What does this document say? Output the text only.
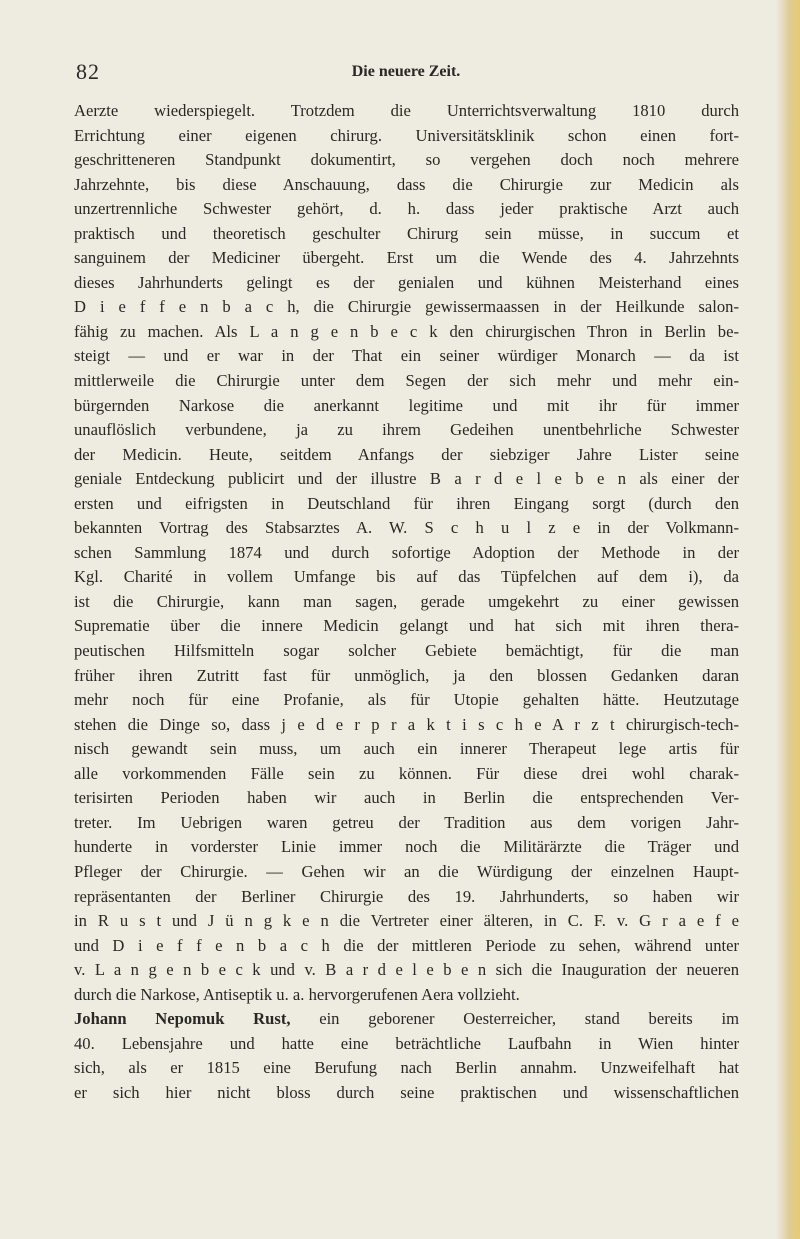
82	Die neuere Zeit.
Aerzte wiederspiegelt. Trotzdem die Unterrichtsverwaltung 1810 durch
Errichtung einer eigenen chirurg. Universitätsklinik schon einen fort-
geschritteneren Standpunkt dokumentirt, so vergehen doch noch mehrere
Jahrzehnte, bis diese Anschauung, dass die Chirurgie zur Medicin als
unzertrennliche Schwester gehört, d. h. dass jeder praktische Arzt auch
praktisch und theoretisch geschulter Chirurg sein müsse, in succum et
sanguinem der Mediciner übergeht. Erst um die Wende des 4. Jahrzehnts
dieses Jahrhunderts gelingt es der genialen und kühnen Meisterhand eines
D i e f f e n b a c h, die Chirurgie gewissermaassen in der Heilkunde salon-
fähig zu machen. Als L a n g e n b e c k den chirurgischen Thron in Berlin be-
steigt — und er war in der That ein seiner würdiger Monarch — da ist
mittlerweile die Chirurgie unter dem Segen der sich mehr und mehr ein-
bürgernden Narkose die anerkannt legitime und mit ihr für immer
unauflöslich verbundene, ja zu ihrem Gedeihen unentbehrliche Schwester
der Medicin. Heute, seitdem Anfangs der siebziger Jahre Lister seine
geniale Entdeckung publicirt und der illustre B a r d e l e b e n als einer der
ersten und eifrigsten in Deutschland für ihren Eingang sorgt (durch den
bekannten Vortrag des Stabsarztes A. W. S c h u l z e in der Volkmann-
schen Sammlung 1874 und durch sofortige Adoption der Methode in der
Kgl. Charité in vollem Umfange bis auf das Tüpfelchen auf dem i), da
ist die Chirurgie, kann man sagen, gerade umgekehrt zu einer gewissen
Suprematie über die innere Medicin gelangt und hat sich mit ihren thera-
peutischen Hilfsmitteln sogar solcher Gebiete bemächtigt, für die man
früher ihren Zutritt fast für unmöglich, ja den blossen Gedanken daran
mehr noch für eine Profanie, als für Utopie gehalten hätte. Heutzutage
stehen die Dinge so, dass j e d e r p r a k t i s c h e A r z t chirurgisch-tech-
nisch gewandt sein muss, um auch ein innerer Therapeut lege artis für
alle vorkommenden Fälle sein zu können. Für diese drei wohl charak-
terisirten Perioden haben wir auch in Berlin die entsprechenden Ver-
treter. Im Uebrigen waren getreu der Tradition aus dem vorigen Jahr-
hunderte in vorderster Linie immer noch die Militärärzte die Träger und
Pfleger der Chirurgie. — Gehen wir an die Würdigung der einzelnen Haupt-
repräsentanten der Berliner Chirurgie des 19. Jahrhunderts, so haben wir
in R u s t und J ü n g k e n die Vertreter einer älteren, in C. F. v. G r a e f e
und D i e f f e n b a c h die der mittleren Periode zu sehen, während unter
v. L a n g e n b e c k und v. B a r d e l e b e n sich die Inauguration der neueren
durch die Narkose, Antiseptik u. a. hervorgerufenen Aera vollzieht.
Johann Nepomuk Rust, ein geborener Oesterreicher, stand bereits im
40. Lebensjahre und hatte eine beträchtliche Laufbahn in Wien hinter
sich, als er 1815 eine Berufung nach Berlin annahm. Unzweifelhaft hat
er sich hier nicht bloss durch seine praktischen und wissenschaftlichen
